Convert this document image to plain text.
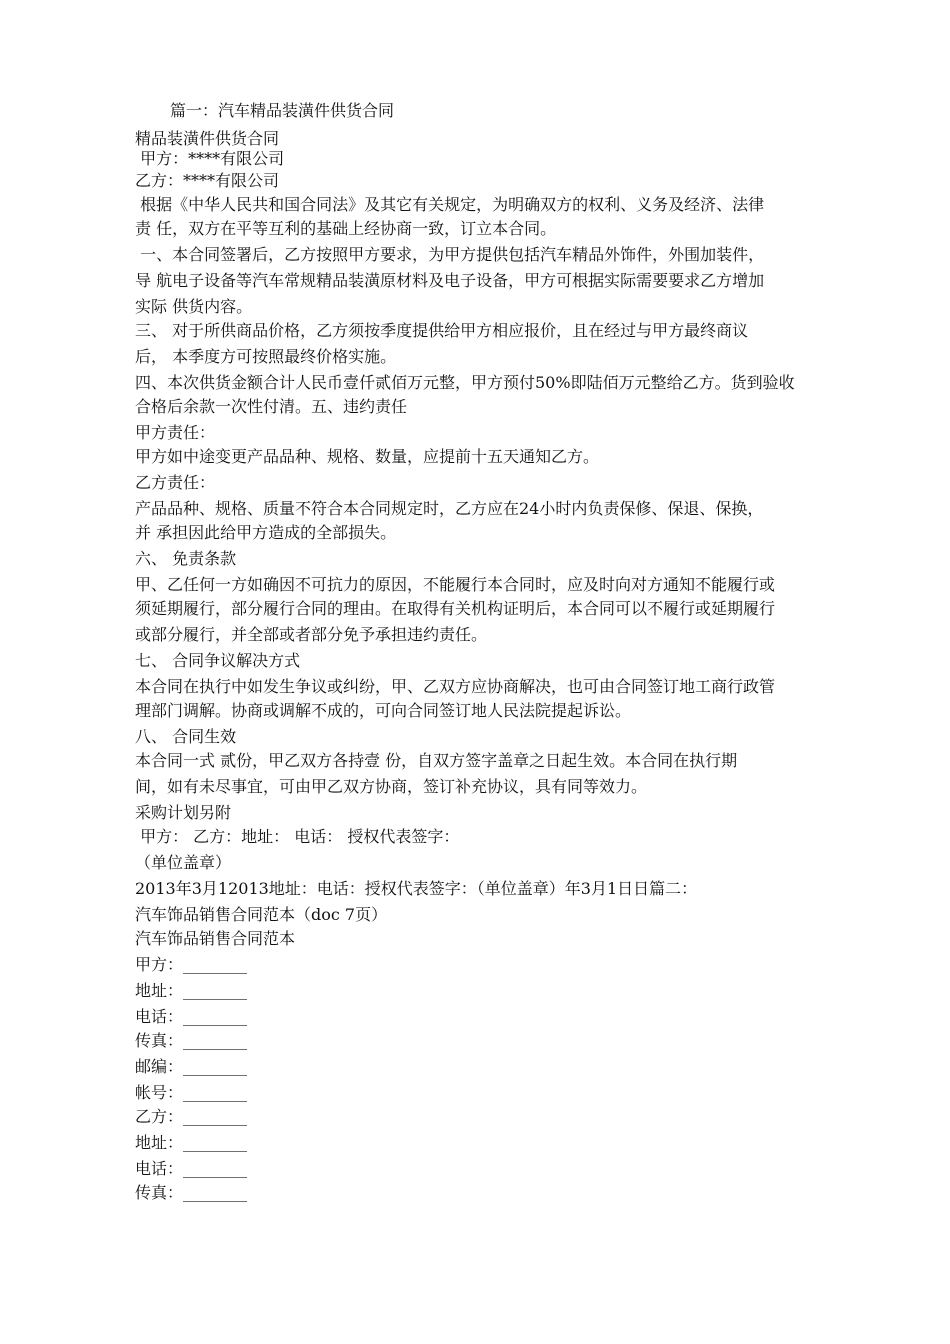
篇一：汽车精品装潢件供货合同
精品装潢件供货合同
甲方：****有限公司
乙方：****有限公司
根据《中华人民共和国合同法》及其它有关规定，为明确双方的权利、义务及经济、法律
责 任，双方在平等互利的基础上经协商一致，订立本合同。
一、本合同签署后，乙方按照甲方要求，为甲方提供包括汽车精品外饰件，外围加装件，
导 航电子设备等汽车常规精品装潢原材料及电子设备，甲方可根据实际需要要求乙方增加
实际 供货内容。
三、 对于所供商品价格，乙方须按季度提供给甲方相应报价，且在经过与甲方最终商议
后， 本季度方可按照最终价格实施。
四、本次供货金额合计人民币壹仟贰佰万元整，甲方预付50%即陆佰万元整给乙方。货到验收
合格后余款一次性付清。五、违约责任
甲方责任：
甲方如中途变更产品品种、规格、数量，应提前十五天通知乙方。
乙方责任：
产品品种、规格、质量不符合本合同规定时，乙方应在24小时内负责保修、保退、保换，
并 承担因此给甲方造成的全部损失。
六、 免责条款
甲、乙任何一方如确因不可抗力的原因，不能履行本合同时，应及时向对方通知不能履行或
须延期履行，部分履行合同的理由。在取得有关机构证明后，本合同可以不履行或延期履行
或部分履行，并全部或者部分免予承担违约责任。
七、 合同争议解决方式
本合同在执行中如发生争议或纠纷，甲、乙双方应协商解决，也可由合同签订地工商行政管
理部门调解。协商或调解不成的，可向合同签订地人民法院提起诉讼。
八、 合同生效
本合同一式 贰份，甲乙双方各持壹 份，自双方签字盖章之日起生效。本合同在执行期
间，如有未尽事宜，可由甲乙双方协商，签订补充协议，具有同等效力。
采购计划另附
甲方： 乙方：地址： 电话： 授权代表签字：
（单位盖章）
2013年3月12013地址：电话：授权代表签字：（单位盖章）年3月1日日篇二：
汽车饰品销售合同范本（doc 7页）
汽车饰品销售合同范本
甲方：________
地址：________
电话：________
传真：________
邮编：________
帐号：________
乙方：________
地址：________
电话：________
传真：________
